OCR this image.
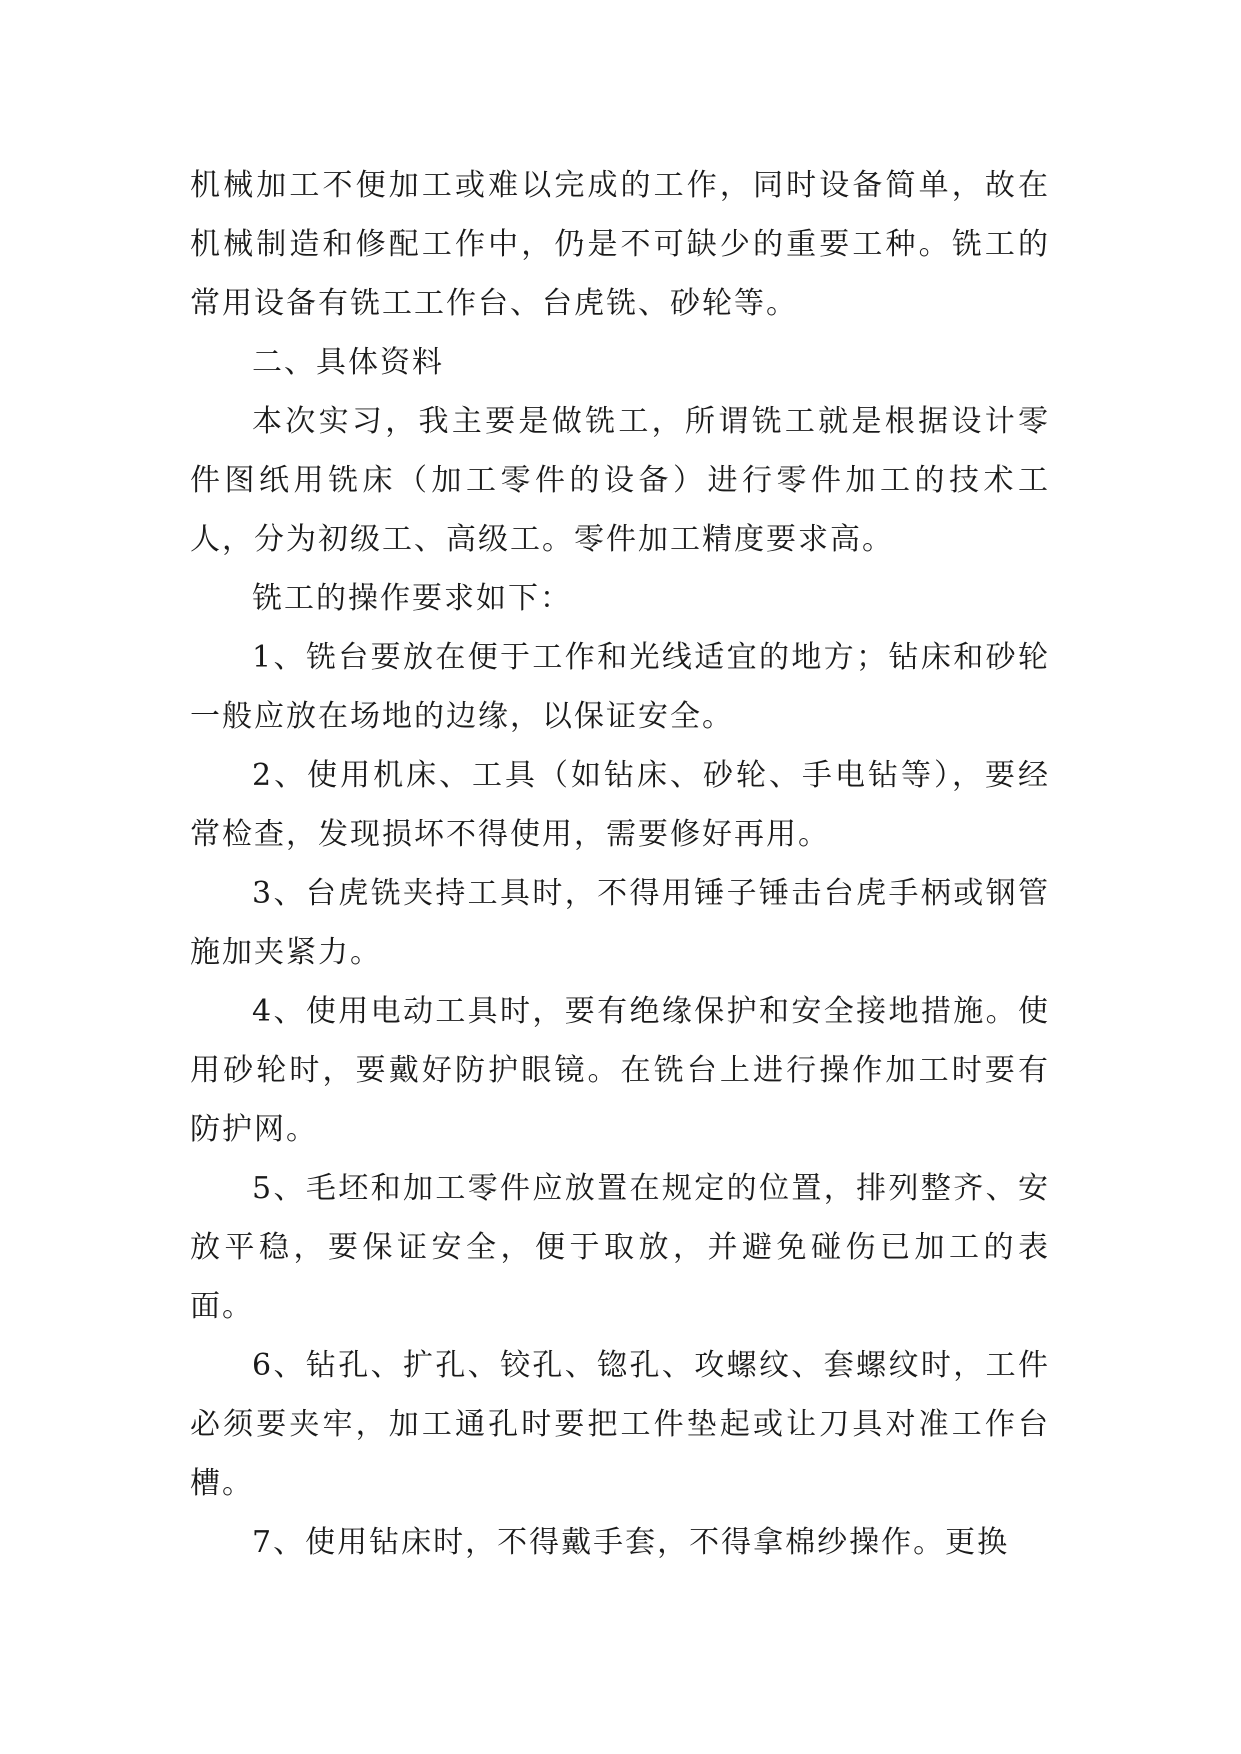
机械加工不便加工或难以完成的工作，同时设备简单，故在机械制造和修配工作中，仍是不可缺少的重要工种。铣工的常用设备有铣工工作台、台虎铣、砂轮等。

二、具体资料

本次实习，我主要是做铣工，所谓铣工就是根据设计零件图纸用铣床（加工零件的设备）进行零件加工的技术工人，分为初级工、高级工。零件加工精度要求高。

铣工的操作要求如下：

1、铣台要放在便于工作和光线适宜的地方；钻床和砂轮一般应放在场地的边缘，以保证安全。

2、使用机床、工具（如钻床、砂轮、手电钻等），要经常检查，发现损坏不得使用，需要修好再用。

3、台虎铣夹持工具时，不得用锤子锤击台虎手柄或钢管施加夹紧力。

4、使用电动工具时，要有绝缘保护和安全接地措施。使用砂轮时，要戴好防护眼镜。在铣台上进行操作加工时要有防护网。

5、毛坯和加工零件应放置在规定的位置，排列整齐、安放平稳，要保证安全，便于取放，并避免碰伤已加工的表面。

6、钻孔、扩孔、铰孔、锪孔、攻螺纹、套螺纹时，工件必须要夹牢，加工通孔时要把工件垫起或让刀具对准工作台槽。

7、使用钻床时，不得戴手套，不得拿棉纱操作。更换
